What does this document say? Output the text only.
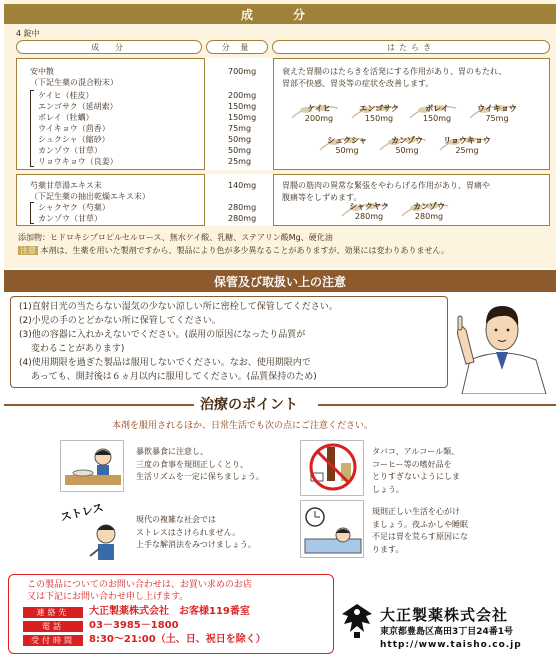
成　分
4 錠中
成　分	分 量	はたらき
安中散
（下記生薬の混合粉末）
700mg
ケイヒ（桂皮）	200mg
エンゴサク（延胡索）	150mg
ボレイ（牡蠣）	150mg
ウイキョウ（茴香）	75mg
シュクシャ（縮砂）	50mg
カンゾウ（甘草）	50mg
リョウキョウ（良姜）	25mg
衰えた胃腸のはたらきを活発にする作用があり、胃のもたれ、
胃部不快感、胃炎等の症状を改善します。
ケイヒ
200mg
エンゴサク
150mg
ボレイ
150mg
ウイキョウ
75mg
シュクシャ
50mg
カンゾウ
50mg
リョウキョウ
25mg
芍薬甘草湯エキス末
（下記生薬の抽出乾燥エキス末）
140mg
シャクヤク（芍薬）	280mg
カンゾウ（甘草）	280mg
胃腸の筋肉の異常な緊張をやわらげる作用があり、胃痛や
腹痛等をしずめます。
シャクヤク
280mg
カンゾウ
280mg
添加物：ヒドロキシプロピルセルロース、無水ケイ酸、乳糖、ステアリン酸Mg、硬化油
注意 本剤は、生薬を用いた製剤ですから、製品により色が多少異なることがありますが、効果には変わりありません。
保管及び取扱い上の注意
(1)直射日光の当たらない湿気の少ない涼しい所に密栓して保管してください。
(2)小児の手のとどかない所に保管してください。
(3)他の容器に入れかえないでください。(誤用の原因になったり品質が
　 変わることがあります)
(4)使用期限を過ぎた製品は服用しないでください。なお、使用期限内で
　 あっても、開封後は６ヵ月以内に服用してください。(品質保持のため)
治療のポイント
本剤を服用されるほか、日常生活でも次の点にご注意ください。
暴飲暴食に注意し、
三度の食事を規則正しくとり、
生活リズムを一定に保ちましょう。
タバコ、アルコール類、
コーヒー等の嗜好品を
とりすぎないようにしま
しょう。
ストレス	現代の複雑な社会では
ストレスはさけられません。
上手な解消法をみつけましょう。
規則正しい生活を心がけ
ましょう。夜ふかしや睡眠
不足は胃を荒らす原因にな
ります。
この製品についてのお問い合わせは、お買い求めのお店
又は下記にお問い合わせ申し上げます。
連絡先	大正製薬株式会社　お客様119番室
電話	03－3985－1800
受付時間	8:30～21:00（土、日、祝日を除く）
大正製薬株式会社
東京都豊島区高田3丁目24番1号
http://www.taisho.co.jp
